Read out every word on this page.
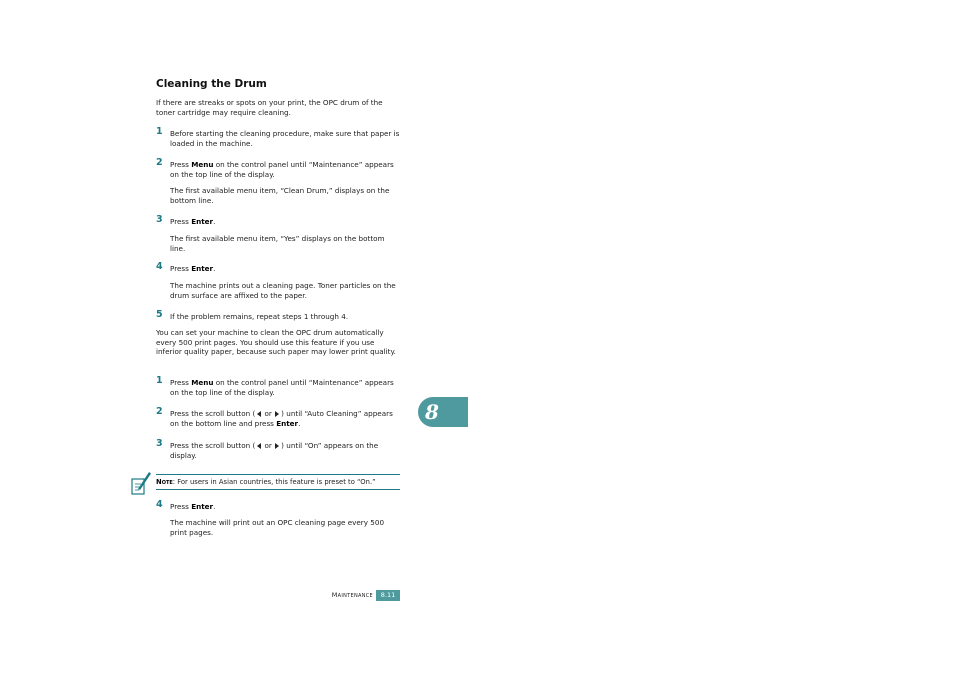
Cleaning the Drum
If there are streaks or spots on your print, the OPC drum of the toner cartridge may require cleaning.
1 Before starting the cleaning procedure, make sure that paper is loaded in the machine.
2 Press Menu on the control panel until “Maintenance” appears on the top line of the display.
The first available menu item, “Clean Drum,” displays on the bottom line.
3 Press Enter.
The first available menu item, “Yes” displays on the bottom line.
4 Press Enter.
The machine prints out a cleaning page. Toner particles on the drum surface are affixed to the paper.
5 If the problem remains, repeat steps 1 through 4.
You can set your machine to clean the OPC drum automatically every 500 print pages. You should use this feature if you use inferior quality paper, because such paper may lower print quality.
1 Press Menu on the control panel until “Maintenance” appears on the top line of the display.
2 Press the scroll button ( or ) until “Auto Cleaning” appears on the bottom line and press Enter.
3 Press the scroll button ( or ) until “On” appears on the display.
Note: For users in Asian countries, this feature is preset to “On.”
4 Press Enter.
The machine will print out an OPC cleaning page every 500 print pages.
8
Maintenance	8.11
